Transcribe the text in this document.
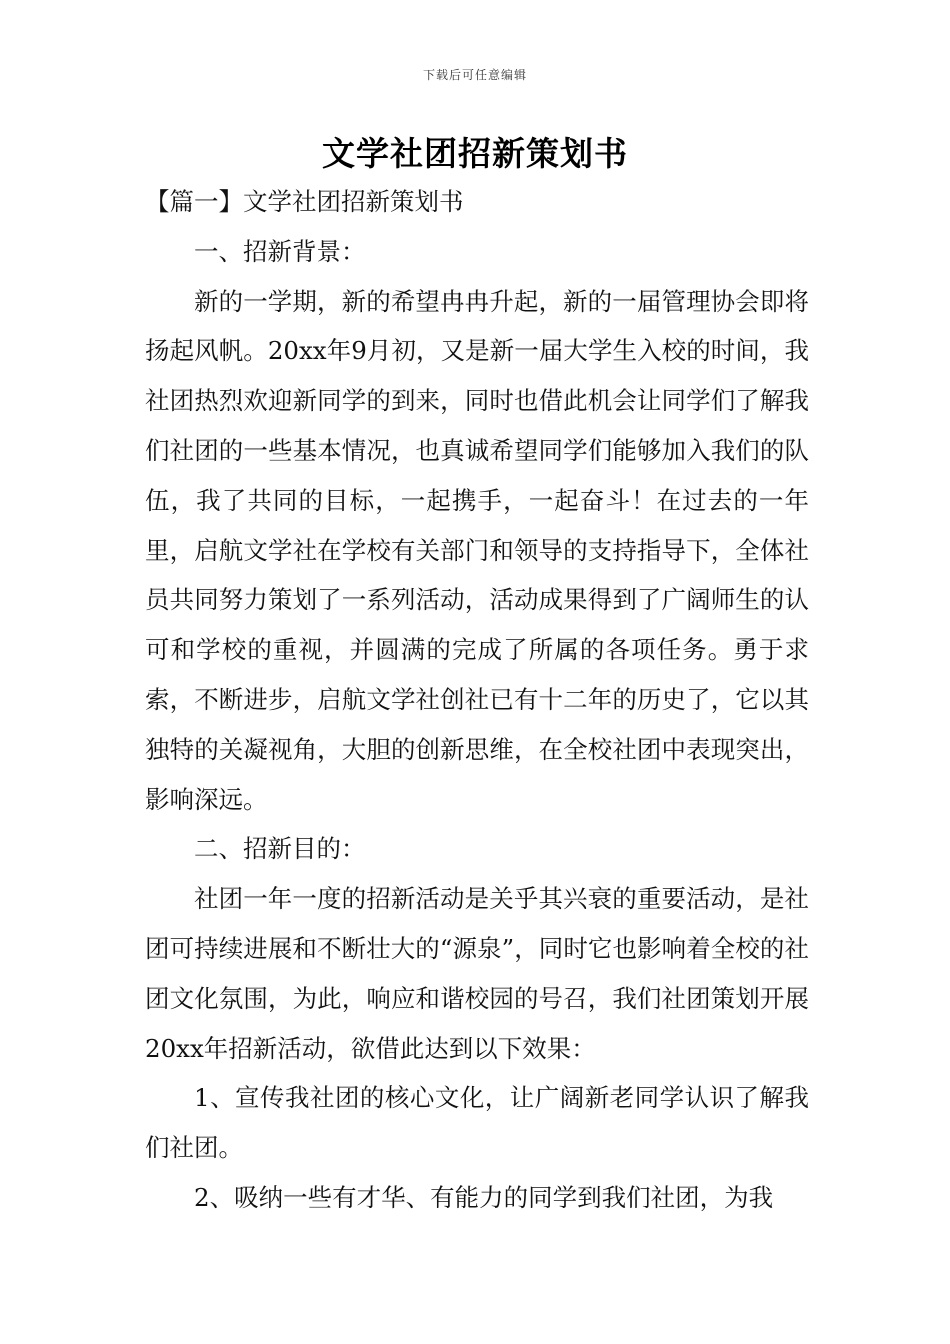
下载后可任意编辑
文学社团招新策划书

【篇一】文学社团招新策划书

一、招新背景：

新的一学期，新的希望冉冉升起，新的一届管理协会即将扬起风帆。20xx年9月初，又是新一届大学生入校的时间，我社团热烈欢迎新同学的到来，同时也借此机会让同学们了解我们社团的一些基本情况，也真诚希望同学们能够加入我们的队伍，我了共同的目标，一起携手，一起奋斗！在过去的一年里，启航文学社在学校有关部门和领导的支持指导下，全体社员共同努力策划了一系列活动，活动成果得到了广阔师生的认可和学校的重视，并圆满的完成了所属的各项任务。勇于求索，不断进步，启航文学社创社已有十二年的历史了，它以其独特的关凝视角，大胆的创新思维，在全校社团中表现突出，影响深远。

二、招新目的：

社团一年一度的招新活动是关乎其兴衰的重要活动，是社团可持续进展和不断壮大的“源泉”，同时它也影响着全校的社团文化氛围，为此，响应和谐校园的号召，我们社团策划开展20xx年招新活动，欲借此达到以下效果：

1、宣传我社团的核心文化，让广阔新老同学认识了解我们社团。

2、吸纳一些有才华、有能力的同学到我们社团，为我
